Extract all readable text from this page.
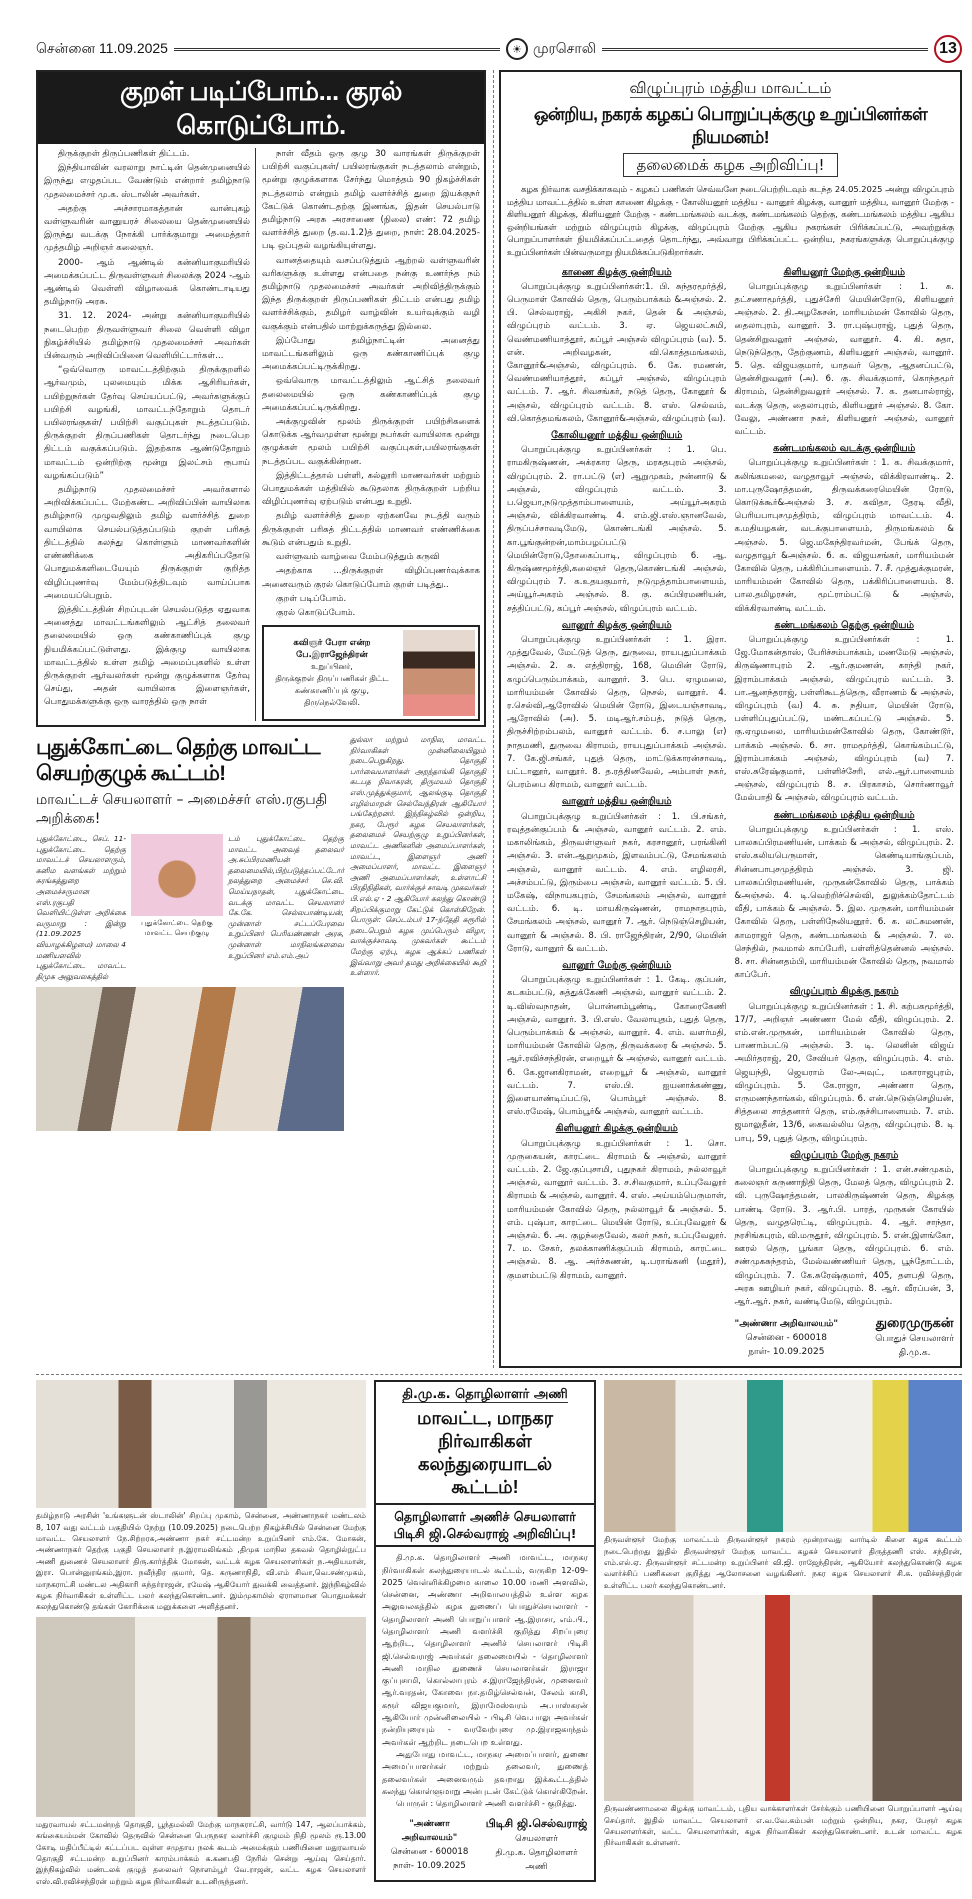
சென்னை 11.09.2025	☀ முரசொலி	13
குறள் படிப்போம்... குரல் கொடுப்போம்.

திருக்குறள் திருப்பணிகள் திட்டம்.

இந்தியாவின் வரலாறு நாட்டின் தென்முனையில் இருந்து எழுதப்பட வேண்டும் என்றார் தமிழ்நாடு முதலமைச்சர் மு.க. ஸ்டாலின் அவர்கள்.

அதற்கு அச்சாரமாகத்தான் வான்புகழ் வள்ளுவரின் வானுயரச் சிலையை தென்முனையில் இருந்து வடக்கு நோக்கி பார்க்குமாறு அமைத்தார் முத்தமிழ் அறிஞர் கலைஞர்.

2000- ஆம் ஆண்டில் கன்னியாகுமரியில் அமைக்கப்பட்ட திருவள்ளுவர் சிலைக்கு 2024 -ஆம் ஆண்டில் வெள்ளி விழாவைக் கொண்டாடியது தமிழ்நாடு அரசு.

31. 12. 2024- அன்று கன்னியாகுமரியில் நடைபெற்ற திருவள்ளுவர் சிலை வெள்ளி விழா நிகழ்ச்சியில் தமிழ்நாடு முதலமைச்சர் அவர்கள் பின்வரும் அறிவிப்பினை வெளியிட்டார்கள்...

“ஒவ்வொரு மாவட்டத்திற்கும் திருக்குறளில் ஆர்வமும், புலமையும் மிக்க ஆசிரியர்கள், பயிற்றுநர்கள் தேர்வு செய்யப்பட்டு, அவர்களுக்குப் பயிற்சி வழங்கி, மாவட்டந்தோறும் தொடர் பயிலரங்குகள்/ பயிற்சி வகுப்புகள் நடத்தப்படும். திருக்குறள் திருப்பணிகள் தொடர்ந்து நடைபெற திட்டம் வகுக்கப்படும். இதற்காக ஆண்டுதோறும் மாவட்டம் ஒன்றிற்கு மூன்று இலட்சம் ரூபாய் வழங்கப்படும்”

தமிழ்நாடு முதலமைச்சர் அவர்களால் அறிவிக்கப்பட்ட மேற்கண்ட அறிவிப்பின் வாயிலாக தமிழ்நாடு முழுவதிலும் தமிழ் வளர்ச்சித் துறை வாயிலாக செயல்படுத்தப்படும் குறள் பரிசுத் திட்டத்தில் கலந்து கொள்ளும் மாணவர்களின் எண்ணிக்கை அதிகரிப்பதோடு பொதுமக்களிடையேயும் திருக்குறள் குறித்த விழிப்புணர்வு மேம்படுத்திடவும் வாய்ப்பாக அமையப்பெறும்.

இத்திட்டத்தின் சிறப்புடன் செயல்படுத்த ஏதுவாக அனைத்து மாவட்டங்களிலும் ஆட்சித் தலைவர் தலைமையில் ஒரு கண்காணிப்புக் குழு நியமிக்கப்பட்டுள்ளது. இக்குழு வாயிலாக மாவட்டத்தில் உள்ள தமிழ் அமைப்புகளில் உள்ள திருக்குறள் ஆர்வலர்கள் மூன்று குழுக்களாக தேர்வு செய்து, அதன் வாயிலாக இளைஞர்கள், பொதுமக்களுக்கு ஒரு வாரத்தில் ஒரு நாள்

நாள் வீதம் ஒரு குழு 30 வாரங்கள் திருக்குறள் பயிற்சி வகுப்புகள்/ பயிலரங்குகள் நடத்தலாம் என்றும், மூன்று குழுக்களாக சேர்ந்து மொத்தம் 90 நிகழ்ச்சிகள் நடத்தலாம் என்றும் தமிழ் வளர்ச்சித் துறை இயக்குநர் கேட்டுக் கொண்டதற்கு இணங்க, இதன் செயல்பாடு தமிழ்நாடு அரசு அரசாணை (நிலை) எண்: 72 தமிழ் வளர்ச்சித் துறை (த.வ.1.2)த் துறை, நாள்: 28.04.2025-படி ஒப்புதல் வழங்கியுள்ளது.

வானத்தையும் வசப்படுத்தும் ஆற்றல் வள்ளுவரின் வரிகளுக்கு உள்ளது என்பதை நன்கு உணர்ந்த நம் தமிழ்நாடு முதலமைச்சர் அவர்கள் அறிவித்திருக்கும் இந்த திருக்குறள் திருப்பணிகள் திட்டம் என்பது தமிழ் வளர்ச்சிக்கும், தமிழர் வாழ்வின் உயர்வுக்கும் வழி வகுக்கும் என்பதில் மாற்றுக்கருத்து இல்லை.

இப்போது தமிழ்நாட்டின் அனைத்து மாவட்டங்களிலும் ஒரு கண்காணிப்புக் குழு அமைக்கப்பட்டிருக்கிறது.

ஒவ்வொரு மாவட்டத்திலும் ஆட்சித் தலைவர் தலைமையில் ஒரு கண்காணிப்புக் குழு அமைக்கப்பட்டிருக்கிறது.

அக்குழுவின் மூலம் திருக்குறள் பயிற்சிகளைக் கொடுக்க ஆர்வமுள்ள மூன்று நபர்கள் வாயிலாக மூன்று குழுக்கள் மூலம் பயிற்சி வகுப்புகள்,பயிலரங்குகள் நடத்தப்பட வகுக்கின்றன.

இத்திட்டத்தால் பள்ளி, கல்லூரி மாணவர்கள் மற்றும் பொதுமக்கள் மத்தியில் கூடுதலாக திருக்குறள் பற்றிய விழிப்புணர்வு ஏற்படும் என்பது உறுதி.

தமிழ் வளர்ச்சித் துறை ஏற்கனவே நடத்தி வரும் திருக்குறள் பரிசுத் திட்டத்தில் மாணவர் எண்ணிக்கை கூடும் என்பதும் உறுதி.

வள்ளுவம் வாழ்வை மேம்படுத்தும் கருவி

அதற்காக ...திருக்குறள் விழிப்புணர்வுக்காக அனைவரும் குரல் கொடுப்போம் குறள் படித்து..

குறள் படிப்போம்.

குரல் கொடுப்போம்.

கவிஞர் பேரா என்ற பே.இராஜேந்திரன்
உறுப்பினர்,
திருக்குறள் திருப்பணிகள் திட்ட
கண்காணிப்புக் குழு,
திருநெல்வேலி.
புதுக்கோட்டை தெற்கு மாவட்ட செயற்குழுக் கூட்டம்!
மாவட்டச் செயலாளர் – அமைச்சர் எஸ்.ரகுபதி அறிக்கை!
புதுக்கோட்டை, செப். 11- புதுக்கோட்டை தெற்கு மாவட்டச் செயலாளரும், கனிம வளங்கள் மற்றும் சுரங்கத்துறை அமைச்சருமான எஸ்.ரகுபதி வெளியிட்டுள்ள அறிக்கை வருமாறு : இன்று (11.09.2025 வியாழக்கிழமை) மாலை 4 மணியளவில் புதுக்கோட்டை மாவட்ட திமுக அலுவலகத்தில்
புதுக்கோட்டை தெற்கு மாவட்ட செயற்குழு
டம் புதுக்கோட்டை தெற்கு மாவட்ட அவைத் தலைவர் அ.சுப்பிரமணியன் தலைமையில்,பிற்படுத்தப்பட்டோர் நலத்துறை அமைச்சர் செ.வி. மெய்யநாதன், புதுக்கோட்டை வடக்கு மாவட்ட செயலாளர் கே.கே. செல்லபாண்டியன், முன்னாள் சட்டப்பேரவை உறுப்பினர் பெரியண்ணன் அரசு, முன்னாள் மாநிலங்களவை உறுப்பினர் எம்.எம்.அப்
துல்லா மற்றும் மாநில, மாவட்ட நிர்வாகிகள் முன்னிலையிலும் நடைபெறுகிறது. தொகுதி பார்வையாளர்கள் அறந்தாங்கி தொகுதி கடபத நிவாகரன், திருமயம் தொகுதி எஸ்.முத்துக்குமார், ஆலங்குடி தொகுதி எழில்மாறன் செல்வேந்திரன் ஆகியோர் பங்கேற்றனர். இந்நிகழ்வில் ஒன்றிய, நகர, பேரூர் கழக செயலாளர்கள், தலைமைச் செயற்குழு உறுப்பினர்கள், மாவட்ட அணிகளின் அமைப்பாளர்கள், மாவட்ட, இளைஞர் அணி அமைப்பாளர், மாவட்ட இளைஞர் அணி அமைப்பாளர்கள், உள்ளாட்சி பிரதிநிதிகள், வார்க்குச் சாவடி முகவர்கள் பி.எல்.ஏ - 2 ஆகியோர் கலந்து கொண்டு சிறப்பிக்குமாறு கேட்டுக் கொள்கிறேன். பொருள்: செப்டம்பர் 17-ந்தேதி கரூரில் நடைபெறும் கழக முப்பெரும் விழா, வாக்குச்சாவடி முகவர்கள் கூட்டம் மேற்கு ஏற்பு, கழக ஆக்கப் பணிகள் இவ்வாறு அவர் தமது அறிக்கையில் கூறி உள்ளார்.
விழுப்புரம் மத்திய மாவட்டம்
ஒன்றிய, நகரக் கழகப் பொறுப்புக்குழு உறுப்பினர்கள் நியமனம்!
தலைமைக் கழக அறிவிப்பு!
கழக நிர்வாக வசதிக்காகவும் - கழகப் பணிகள் செவ்வனே நடைபெற்றிடவும் கடந்த 24.05.2025 அன்று விழுப்புரம் மத்திய மாவட்டத்தில் உள்ள காணை கிழக்கு - கோலியனூர் மத்திய - வானூர் கிழக்கு, வானூர் மத்திய, வானூர் மேற்கு - கிளியனூர் கிழக்கு, கிளியனூர் மேற்கு - கண்டமங்கலம் வடக்கு, கண்டமங்கலம் தெற்கு, கண்டமங்கலம் மத்திய ஆகிய ஒன்றியங்கள் மற்றும் விழுப்புரம் கிழக்கு, விழுப்புரம் மேற்கு ஆகிய நகரங்கள் பிரிக்கப்பட்டு, அவற்றுக்கு பொறுப்பாளர்கள் நியமிக்கப்பட்டதைத் தொடர்ந்து, அவ்வாறு பிரிக்கப்பட்ட ஒன்றிய, நகரங்களுக்கு பொறுப்புக்குழு உறுப்பினர்கள் பின்வருமாறு நியமிக்கப்படுகிறார்கள்.
காணை கிழக்கு ஒன்றியம்

பொறுப்புக்குழு உறுப்பினர்கள்:1. பி. சுந்தரமூர்த்தி, பெருமாள் கோவில் தெரு, பெரும்பாக்கம் &அஞ்சல். 2. பி. செல்வராஜ், அகிசி நகர், தென் & அஞ்சல், விழுப்புரம் வட்டம். 3. ஏ. ஜெயலட்சுமி, வெண்மணியாத்தூர், கப்பூர் அஞ்சல் விழுப்புரம் (வ). 5. என். அறிவழகன், வி.கொத்தமங்கலம், கோனூர்&அஞ்சல், விழுப்புரம். 6. கே. ரமணன், வெண்மணியாத்தூர், கப்பூர் அஞ்சல், விழுப்புரம் வட்டம். 7. ஆர். சிவசங்கர், நடுத் தெரு, கோனூர் & அஞ்சல், விழுப்புரம் வட்டம். 8. எஸ். செல்வம், வி.கொத்தமங்கலம், கோனூர்&அஞ்சல், விழுப்புரம் (வ).

கோலியனூர் மத்திய ஒன்றியம்

பொறுப்புக்குழு உறுப்பினர்கள் : 1. பெ. ராமகிருஷ்ணன், அக்ரகார தெரு, மரகதபுரம் அஞ்சல், விழுப்புரம். 2. ரா.பட்டு (எ) ஆறுமுகம், நன்னாடு & அஞ்சல், விழுப்புரம் வட்டம். 3. ப.ஜெயா,நடுமுத்தாம்பாளையம், அய்யூர்அகரம் அஞ்சல், விக்கிரவாண்டி 4. எம்.ஜி.எஸ்.ஞானவேல், திருப்பச்சாவடிமேடு, கொண்டங்கி அஞ்சல். 5. கா.பூங்குன்றன்,மாம்பழப்பட்டு மெயின்ரோடு,தோகைப்பாடி, விழுப்புரம் 6. ஆ. கிருஷ்ணமூர்த்தி,கலைஞர் தெரு,கொண்டங்கி அஞ்சல், விழுப்புரம் 7. க.உதயகுமார், நடுமுத்தாம்பாளையம், அய்யூர்அகரம் அஞ்சல். 8. கு. சுப்பிரமணியன், சத்திப்பட்டு, கப்பூர் அஞ்சல், விழுப்புரம் வட்டம்.

வானூர் கிழக்கு ஒன்றியம்

பொறுப்புக்குழு உறுப்பினர்கள் : 1. இரா. முத்துவேல், மேட்டுத் தெரு, துருவை, ராயபுதுப்பாக்கம் அஞ்சல். 2. சு. எத்திராஜ், 168, மெயின் ரோடு, கழுப்பெரும்பாக்கம், வானூர். 3. பெ. ஏழுமலை, மாரியம்மன் கோவில் தெரு, நெசல், வானூர். 4. ர.செல்வி,ஆரோவில் மெயின் ரோடு, இடையஞ்சாவடி, ஆரோவில் (அ). 5. மடிஆர்.சம்பத், நடுத் தெரு, திருச்சிற்றம்பலம், வானூர் வட்டம். 6. ச.பாலு (எ) நாதமணி, துருவை கிராமம், ராயபுதுப்பாக்கம் அஞ்சல். 7. கே.ஜி.சங்கர், புதுத் தெரு, மாட்டுக்காரன்சாவடி, பட்டானூர், வானூர். 8. த.ரத்தினவேல், அம்பாள் நகர், பெரம்பை கிராமம், வானூர் வட்டம்.

வானூர் மத்திய ஒன்றியம்

பொறுப்புக்குழு உறுப்பினர்கள் : 1. பி.சங்கர், ரவுத்தன்குப்பம் & அஞ்சல், வானூர் வட்டம். 2. எம். மகாலிங்கம், திருவள்ளுவர் நகர், கரசானூர், பரங்கினி அஞ்சல். 3. என்.ஆறுமுகம், இளவம்பட்டு, சேமங்கலம் அஞ்சல், வானூர் வட்டம். 4. எம். எழிலரசி, அச்சம்பட்டு, இரும்பை அஞ்சல், வானூர் வட்டம். 5. பி. மகேஷ், விநாயகபுரம், சேமங்கலம் அஞ்சல், வானூர் வட்டம். 6. டி. மாயகிருஷ்ணன், ராமநாதபுரம், சேமங்கலம் அஞ்சல், வானூர் 7. ஆர். நெடுஞ்செழியன், வானூர் & அஞ்சல். 8. பி. ராஜேந்திரன், 2/90, மெயின் ரோடு, வானூர் & வட்டம்.

வானூர் மேற்கு ஒன்றியம்

பொறுப்புக்குழு உறுப்பினர்கள் : 1. கேடி. குப்பன், கடகம்பட்டு, சுத்துக்கேணி அஞ்சல், வானூர் வட்டம். 2. டி.விஸ்வநாதன், பொன்னம்பூண்டி, கோரைகேணி அஞ்சல், வானூர். 3. பி.எஸ். வேலாயுதம், புதுத் தெரு, பெரும்பாக்கம் & அஞ்சல், வானூர். 4. எம். வளர்மதி, மாரியம்மன் கோவில் தெரு, திருவக்கரை & அஞ்சல். 5. ஆர்.ரவிச்சந்திரன், எறையூர் & அஞ்சல், வானூர் வட்டம். 6. கே.ஜானகிராமன், எறையூர் & அஞ்சல், வானூர் வட்டம். 7. எஸ்.பி. ஐயனாக்கண்ணு, இளையாண்டிப்பட்டு, பொம்பூர் அஞ்சல். 8. எஸ்.ரமேஷ், பொம்பூர்& அஞ்சல், வானூர் வட்டம்.

கிளியனூர் கிழக்கு ஒன்றியம்

பொறுப்புக்குழு உறுப்பினர்கள் : 1. சொ. முருகையன், காரட்டை கிராமம் & அஞ்சல், வானூர் வட்டம். 2. ஜே.குப்புசாமி, புதுநகர் கிராமம், நல்லாவூர் அஞ்சல், வானூர் வட்டம். 3. ச.சிவகுமார், உப்புவேலூர் கிராமம் & அஞ்சல், வானூர். 4. எஸ். அய்யம்பெருமாள், மாரியம்மன் கோவில் தெரு, நல்லாவூர் & அஞ்சல். 5. எம். புஷ்பா, காரட்டை மெயின் ரோடு, உப்புவேலூர் & அஞ்சல். 6. அ. குழந்தைவேல், கலர் நகர், உப்புவேலூர். 7. ம. சேகர், தலக்காணிக்குப்பம் கிராமம், காரட்டை அஞ்சல். 8. ஆ. அர்ச்சுணன், டி.பராங்கனி (மதூர்), குமளம்பட்டு கிராமம், வானூர்.

கிளியனூர் மேற்கு ஒன்றியம்

பொறுப்புக்குழு உறுப்பினர்கள் : 1. க. தட்சணாமூர்த்தி, புதுச்சேரி மெயின்ரோடு, கிளியனூர் அஞ்சல். 2. தி.அழகேசன், மாரியம்மன் கோவில் தெரு, தைலாபுரம், வானூர். 3. ரா.புஷ்பராஜ், புதுத் தெரு, தென்சிறுவலூர் அஞ்சல், வானூர். 4. கி. சுதா, நெடுந்தெரு, தேற்குணம், கிளியனூர் அஞ்சல், வானூர். 5. தெ. விஜயகுமார், யாதவர் தெரு, ஆதனப்பட்டு, தென்சிறுவலூர் (அ). 6. கு. சிவக்குமார், கொந்தமூர் கிராமம், தென்சிறுவலூர் அஞ்சல். 7. க. தனபால்ராஜ், வடக்கு தெரு, தைலாபுரம், கிளியனூர் அஞ்சல். 8. கோ. வேலு, அண்ணா நகர், கிளியனூர் அஞ்சல், வானூர் வட்டம்.

கண்டமங்கலம் வடக்கு ஒன்றியம்

பொறுப்புக்குழு உறுப்பினர்கள் : 1. க. சிவக்குமார், கலிங்கமலை, வழுதாவூர் அஞ்சல், விக்கிரவாண்டி. 2. மா.புருஷோத்தமன், திருவக்கரைமெயின் ரோடு, கொடுக்கூர்&அஞ்சல் 3. ச. கவிதா, தேரடி வீதி, பெரியபாபுசமுத்திரம், விழுப்புரம் மாவட்டம். 4. க.மதியழகன், வடக்குபாளையம், திருமங்கலம் & அஞ்சல். 5. ஜெ.மகேந்திரவர்மன், பேங்க் தெரு, வழுதாவூர் &அஞ்சல். 6. க. விஜயசங்கர், மாரியம்மன் கோவில் தெரு, பக்கிரிப்பாளையம். 7. சீ. முத்துக்குமரன், மாரியம்மன் கோவில் தெரு, பக்கிரிப்பாளையம். 8. பால.தமிழரசன், மூட்ராம்பட்டு & அஞ்சல், விக்கிரவாண்டி வட்டம்.

கண்டமங்கலம் தெற்கு ஒன்றியம்

பொறுப்புக்குழு உறுப்பினர்கள் : 1. ஜே.மோகன்தாஸ், பேரிச்சம்பாக்கம், மணமேடு அஞ்சல், கிருஷ்ணாபுரம் 2. ஆர்.குமணன், காந்தி நகர், இராம்பாக்கம் அஞ்சல், விழுப்புரம் வட்டம். 3. பா.ஆனந்தராஜ், பள்ளிகூடத்தெரு, வீராணம் & அஞ்சல், விழுப்புரம் (வ) 4. சு. நதியா, மெயின் ரோடு, பள்ளிப்புதுப்பட்டு, மண்டகப்பட்டு அஞ்சல். 5. கு.ஏழுமலை, மாரியம்மன்கோவில் தெரு, கோண்டூர், பாக்கம் அஞ்சல். 6. சா. ராமமூர்த்தி, கொங்கம்பட்டு, இராம்பாக்கம் அஞ்சல், விழுப்புரம் (வ) 7. எஸ்.சுரேஷ்குமார், பள்ளிச்சேரி, எல்.ஆர்.பாளையம் அஞ்சல், விழுப்புரம் 8. ச. பிரகாசம், சொர்ணாவூர் மேல்பாதி & அஞ்சல், விழுப்புரம் வட்டம்.

கண்டமங்கலம் மத்திய ஒன்றியம்

பொறுப்புக்குழு உறுப்பினர்கள் : 1. எஸ். பாலசுப்பிரமணியன், பாக்கம் & அஞ்சல், விழுப்புரம். 2. எஸ்.கலியபெருமாள், கெண்டியாங்குப்பம், சின்னபாபுசமுத்திரம் அஞ்சல். 3. ஜி. பாலசுப்பிரமணியன், முருகன்கோவில் தெரு, பாக்கம் &அஞ்சல். 4. டி.வெற்றிச்செல்வி, துலுக்கம்தோட்டம் வீதி, பாக்கம் & அஞ்சல். 5. இல. முருகன், மாரியம்மன் கோவில் தெரு, பள்ளிநேலியனூர். 6. க. லட்சுமணன், காமராஜர் தெரு, கண்டமங்கலம் & அஞ்சல். 7. ல. செந்தில், நவமால் காப்பேரி, பள்ளித்தென்னல் அஞ்சல். 8. சா. சின்னதம்பி, மாரியம்மன் கோவில் தெரு, நவமால் காப்பேர்.

விழுப்புரம் கிழக்கு நகரம்

பொறுப்புக்குழு உறுப்பினர்கள் : 1. சி. கற்பகமூர்த்தி, 17/7, அறிஞர் அண்ணா மேல் வீதி, விழுப்புரம். 2. எம்.என்.முருகன், மாரியம்மன் கோவில் தெரு, பாணாம்பட்டு அஞ்சல். 3. டி. லெனின் விஜய் அமிர்தராஜ், 20, சேவியர் தெரு, விழுப்புரம். 4. எம். ஜெயந்தி, ஜெயராம் லே-அவுட், மகாராஜபுரம், விழுப்புரம். 5. கே.ராஜா, அண்ணா தெரு, எருமணந்தாங்கல், விழுப்புரம். 6. என்.நெடுஞ்செழியன், சித்தலை சாத்தனார் தெரு, எம்.குச்சிபாளையம். 7. எம். ஜமாலுதீன், 13/6, கைவல்லிய தெரு, விழுப்புரம். 8. டி பாபு, 59, புதுத் தெரு, விழுப்புரம்.

விழுப்புரம் மேற்கு நகரம்

பொறுப்புக்குழு உறுப்பினர்கள் : 1. என்.சண்முகம், கலைஞர் கருணாநிதி தெரு, மேலத் தெரு, விழுப்புரம் 2. வி. புருஷோத்தமன், பாலகிருஷ்ணன் தெரு, கிழக்கு பாண்டி ரோடு. 3. ஆர்.பி. பாரத், முருகன் கோயில் தெரு, வழுதரெட்டி, விழுப்புரம். 4. ஆர். சாந்தா, நரசிங்கபுரம், வி.மருதூர், விழுப்புரம். 5. என்.இளங்கோ, ஊரல் தெரு, பூங்கா தெரு, விழுப்புரம். 6. எம். சண்முகசுந்தரம், மேல்வண்ணியர் தெரு, பூந்தோட்டம், விழுப்புரம். 7. கே.சுரேஷ்குமார், 405, தளபதி தெரு, அரசு ஊழியர் நகர், விழுப்புரம். 8. ஆர். வீரப்பன், 3, ஆர்.ஆர். நகர், வண்டிமேடு, விழுப்புரம்.

"அண்ணா அறிவாலயம்"
சென்னை - 600018
நாள்- 10.09.2025
துரைமுருகன்
பொதுச் செயலாளர்
தி.மு.க.
தமிழ்நாடு அரசின் 'உங்களுடன் ஸ்டாலின்' சிறப்பு முகாம், சென்னை, அண்ணாநகர் மண்டலம் 8, 107 வது வட்டம் பகுதியில் நேற்று (10.09.2025) நடைபெற்ற நிகழ்ச்சியில் சென்னை மேற்கு மாவட்ட செயலாளர் நே.சிற்றரசு,அண்ணா நகர் சட்டமன்ற உறுப்பினர் எம்.கே. மோகன், அண்ணாநகர் தெற்கு பகுதி செயலாளர் ந.இராமலிங்கம் ,திமுக மாநில தகவல் தொழில்நுட்ப அணி துணைச் செயலாளர் திரு.கார்த்திக் மோகன், வட்டக் கழக செயலாளர்கள் ந.அதியமான், இரா. பொன்னுரங்கம்,இரா. நவீந்திர குமார், தெ. கருணாநிதி, வி.எம் சிவா,வெ.சண்முகம், மாநகராட்சி மண்டல அதிகாரி சுந்தர்ராஜன், ரமேஷ் ஆகியோர் துவக்கி வைத்தனர். இந்நிகழ்வில் கழக நிர்வாகிகள் உள்ளிட்ட பலர் கலந்துகொண்டனர். இம்முகாமில் ஏராளமான பொதுமக்கள் கலந்துகொண்டு தங்கள் கோரிக்கை மனுக்களை அளித்தனர்.
மதுரவாயல் சட்டமன்றத் தொகுதி, பூந்தமல்லி மேற்கு மாநகராட்சி, வார்டு 147, ஆலப்பாக்கம், கங்கையம்மன் கோவில் தெருவில் சென்னை பெருநகர வளர்ச்சி குழுமம் நிதி மூலம் ரூ.13.00 கோடி மதிப்பீட்டில் கட்டப்பட வுள்ள சமுதாய நலக் கூடம் அமைக்கும் பணியினை மதுரவாயல் தொகுதி சட்டமன்ற உறுப்பினர் காரம்பாக்கம் க.கணபதி நேரில் சென்று ஆய்வு செய்தார். இந்நிகழ்வில் மண்டலக் குழுத் தலைவர் நொளம்பூர் வே.ராஜன், வட்ட கழக செயலாளர் எஸ்.வி.ரவிச்சந்திரன் மற்றும் கழக நிர்வாகிகள் உடனிருந்தனர்.
தி.மு.க. தொழிலாளர் அணி
மாவட்ட, மாநகர நிர்வாகிகள் கலந்துரையாடல் கூட்டம்!
தொழிலாளர் அணிச் செயலாளர் பிடிசி ஜி.செல்வராஜ் அறிவிப்பு!

தி.மு.க. தொழிலாளர் அணி மாவட்ட, மாநகர நிர்வாகிகள் கலந்துரையாடல் கூட்டம், வருகிற 12-09-2025 வெள்ளிக்கிழமை காலை 10.00 மணி அளவில், சென்னை, அண்ணா அறிவாலயத்தில் உள்ள கழக அலுவலகத்தில் கழக துணைப் பொதுச்செயலாளர் - தொழிலாளர் அணி பொறுப்பாளர் ஆ.இராசா, எம்.பி., தொழிலாளர் அணி வளர்ச்சி குறித்து சிறப்புரை ஆற்றிட, தொழிலாளர் அணிச் செயலாளர் பிடிசி ஜி.செல்வராஜ் அவர்கள் தலைமையில் - தொழிலாளர் அணி மாநில துணைச் செயலாளர்கள் இராஜா குப்புசாமி, கொல்லாபுரம் ச.இராஜேந்திரன், முனைவர் ஆர்.வரதன், கோவை நா.தமிழ்செல்வன், சேலம் காசி, கரூர் விஜயகுமார், இராமேஸ்வரம் அ.பாஸ்கரன் ஆகியோர் முன்னிலையில் - பிடிசி வெ.பாலு அவர்கள் நன்றியுரையும் - வரவேற்புரை மு.இராஜகாந்தம் அவர்கள் ஆற்றிட நடைபெற உள்ளது.

அதுபோது மாவட்ட, மாநகர அமைப்பாளர், துணை அமைப்பாளர்கள் மற்றும் தலைவர், துணைத் தலைவர்கள் அனைவரும் தவறாது இக்கூட்டத்தில் கலந்து கொள்ளுமாறு அன்புடன் கேட்டுக் கொள்கிறேன்.

பொருள் : தொழிலாளர் அணி வளர்ச்சி - குறித்து.

"அண்ணா அறிவாலயம்"
சென்னை - 600018
நாள்- 10.09.2025
பிடிசி ஜி.செல்வராஜ்
செயலாளர்
தி.மு.க. தொழிலாளர் அணி
திருவள்ளூர் மேற்கு மாவட்டம் திருவள்ளூர் நகரம் மூன்றாவது வார்டில் கிளை கழக கூட்டம் நடைபெற்றது இதில் திருவள்ளூர் மேற்கு மாவட்ட கழகச் செயலாளர் திருத்தணி எஸ். சந்திரன், எம்.எல்.ஏ. திருவள்ளூர் சட்டமன்ற உறுப்பினர் வி.ஜி. ராஜேந்திரன், ஆகியோர் கலந்துகொண்டு கழக வளர்ச்சிப் பணிகளை குறித்து ஆலோசனை வழங்கினர். நகர கழக செயலாளர் சி.சு. ரவிச்சந்திரன் உள்ளிட்ட பலர் கலந்துகொண்டனர்.
திருவண்ணாமலை கிழக்கு மாவட்டம், புதிய வாக்காளர்கள் சேர்க்கும் பணியினை பொறுப்பாளர் ஆய்வு செய்தார். இதில் மாவட்ட செயலாளர் எ.வ.வே.கம்பன் மற்றும் ஒன்றிய, நகர, பேரூர் கழக செயலாளர்கள், வட்ட செயலாளர்கள், கழக நிர்வாகிகள் கலந்துகொண்டனர். உடன் மாவட்ட கழக நிர்வாகிகள் உள்ளனர்.
